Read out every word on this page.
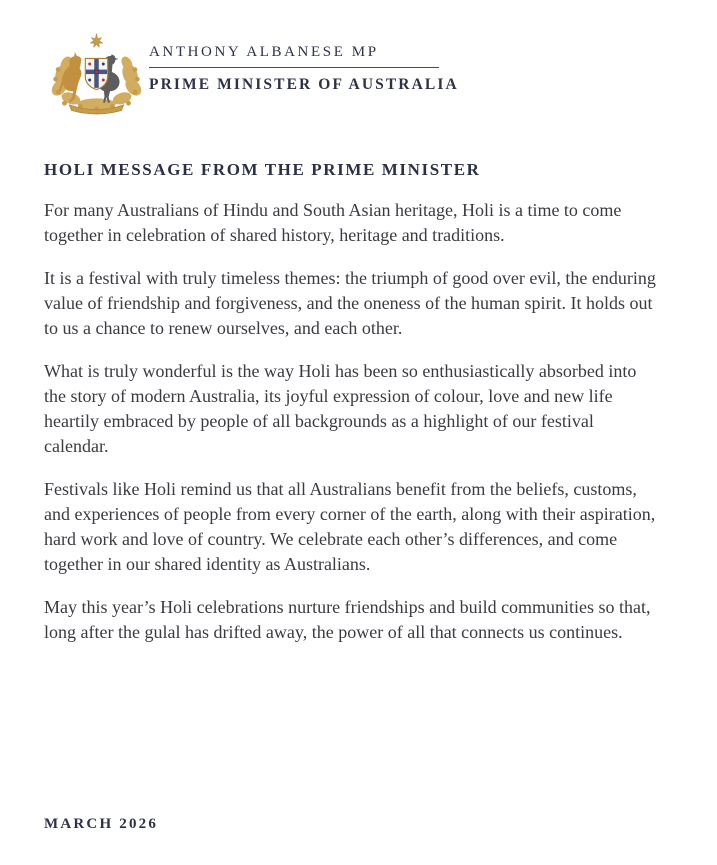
ANTHONY ALBANESE MP
PRIME MINISTER OF AUSTRALIA
HOLI MESSAGE FROM THE PRIME MINISTER

For many Australians of Hindu and South Asian heritage, Holi is a time to come together in celebration of shared history, heritage and traditions.

It is a festival with truly timeless themes: the triumph of good over evil, the enduring value of friendship and forgiveness, and the oneness of the human spirit. It holds out to us a chance to renew ourselves, and each other.

What is truly wonderful is the way Holi has been so enthusiastically absorbed into the story of modern Australia, its joyful expression of colour, love and new life heartily embraced by people of all backgrounds as a highlight of our festival calendar.

Festivals like Holi remind us that all Australians benefit from the beliefs, customs, and experiences of people from every corner of the earth, along with their aspiration, hard work and love of country. We celebrate each other’s differences, and come together in our shared identity as Australians.

May this year’s Holi celebrations nurture friendships and build communities so that, long after the gulal has drifted away, the power of all that connects us continues.

MARCH 2026
